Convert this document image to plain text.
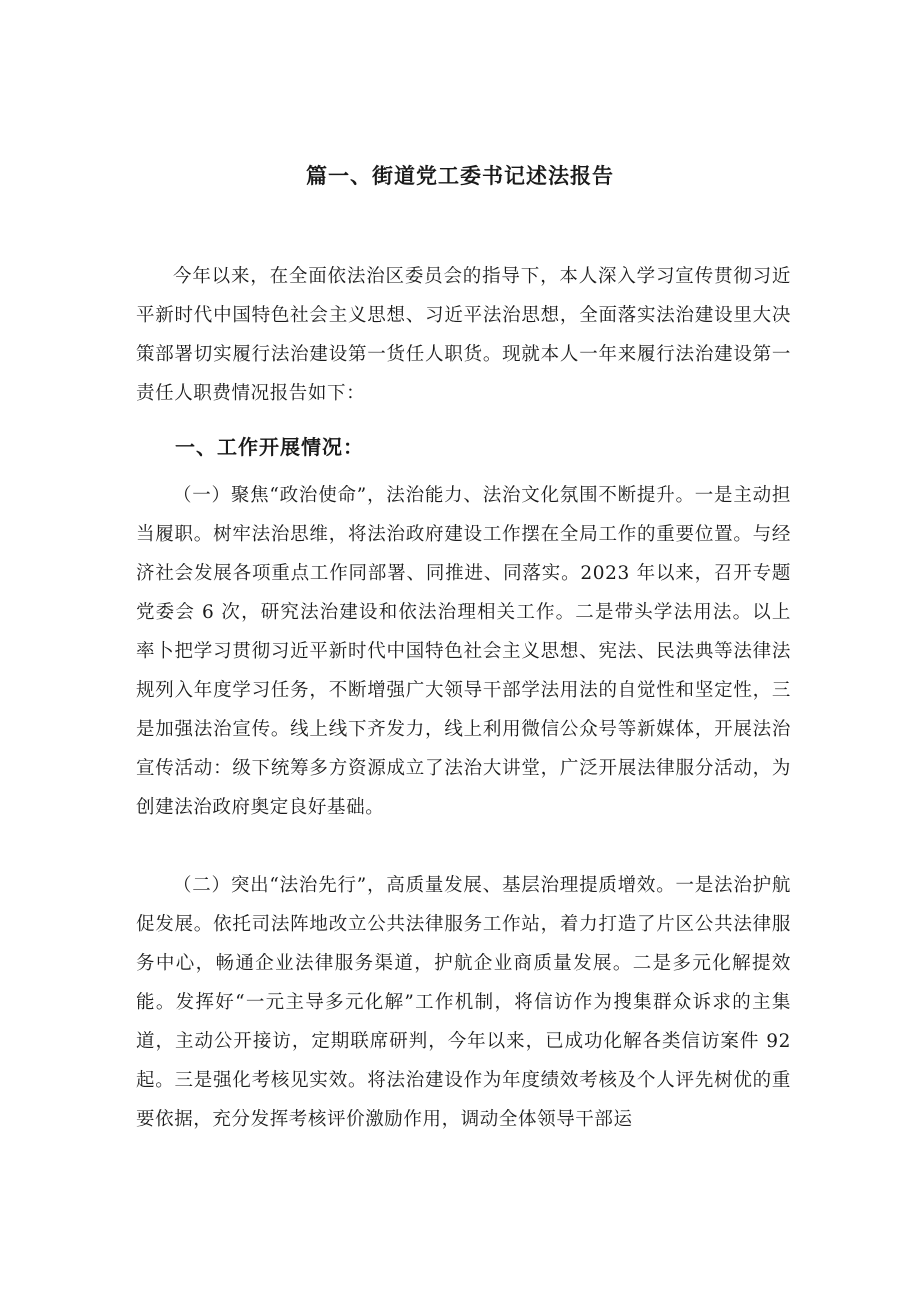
篇一、街道党工委书记述法报告

今年以来，在全面依法治区委员会的指导下，本人深入学习宣传贯彻习近平新时代中国特色社会主义思想、习近平法治思想，全面落实法治建设里大决策部署切实履行法治建设第一货任人职货。现就本人一年来履行法治建设第一责任人职费情况报告如下：

一、工作开展情况：

（一）聚焦“政治使命”，法治能力、法治文化氛围不断提升。一是主动担当履职。树牢法治思维，将法治政府建设工作摆在全局工作的重要位置。与经济社会发展各项重点工作同部署、同推进、同落实。2023 年以来，召开专题党委会 6 次，研究法治建设和依法治理相关工作。二是带头学法用法。以上率卜把学习贯彻习近平新时代中国特色社会主义思想、宪法、民法典等法律法规列入年度学习任务，不断增强广大领导干部学法用法的自觉性和坚定性，三是加强法治宣传。线上线下齐发力，线上利用微信公众号等新媒体，开展法治宣传活动：级下统筹多方资源成立了法治大讲堂，广泛开展法律服分活动，为创建法治政府奥定良好基础。

（二）突出“法治先行”，高质量发展、基层治理提质增效。一是法治护航促发展。依托司法阵地改立公共法律服务工作站，着力打造了片区公共法律服务中心，畅通企业法律服务渠道，护航企业商质量发展。二是多元化解提效能。发挥好“一元主导多元化解”工作机制，将信访作为搜集群众诉求的主集道，主动公开接访，定期联席研判，今年以来，已成功化解各类信访案件 92 起。三是强化考核见实效。将法治建设作为年度绩效考核及个人评先树优的重要依据，充分发挥考核评价激励作用，调动全体领导干部运
